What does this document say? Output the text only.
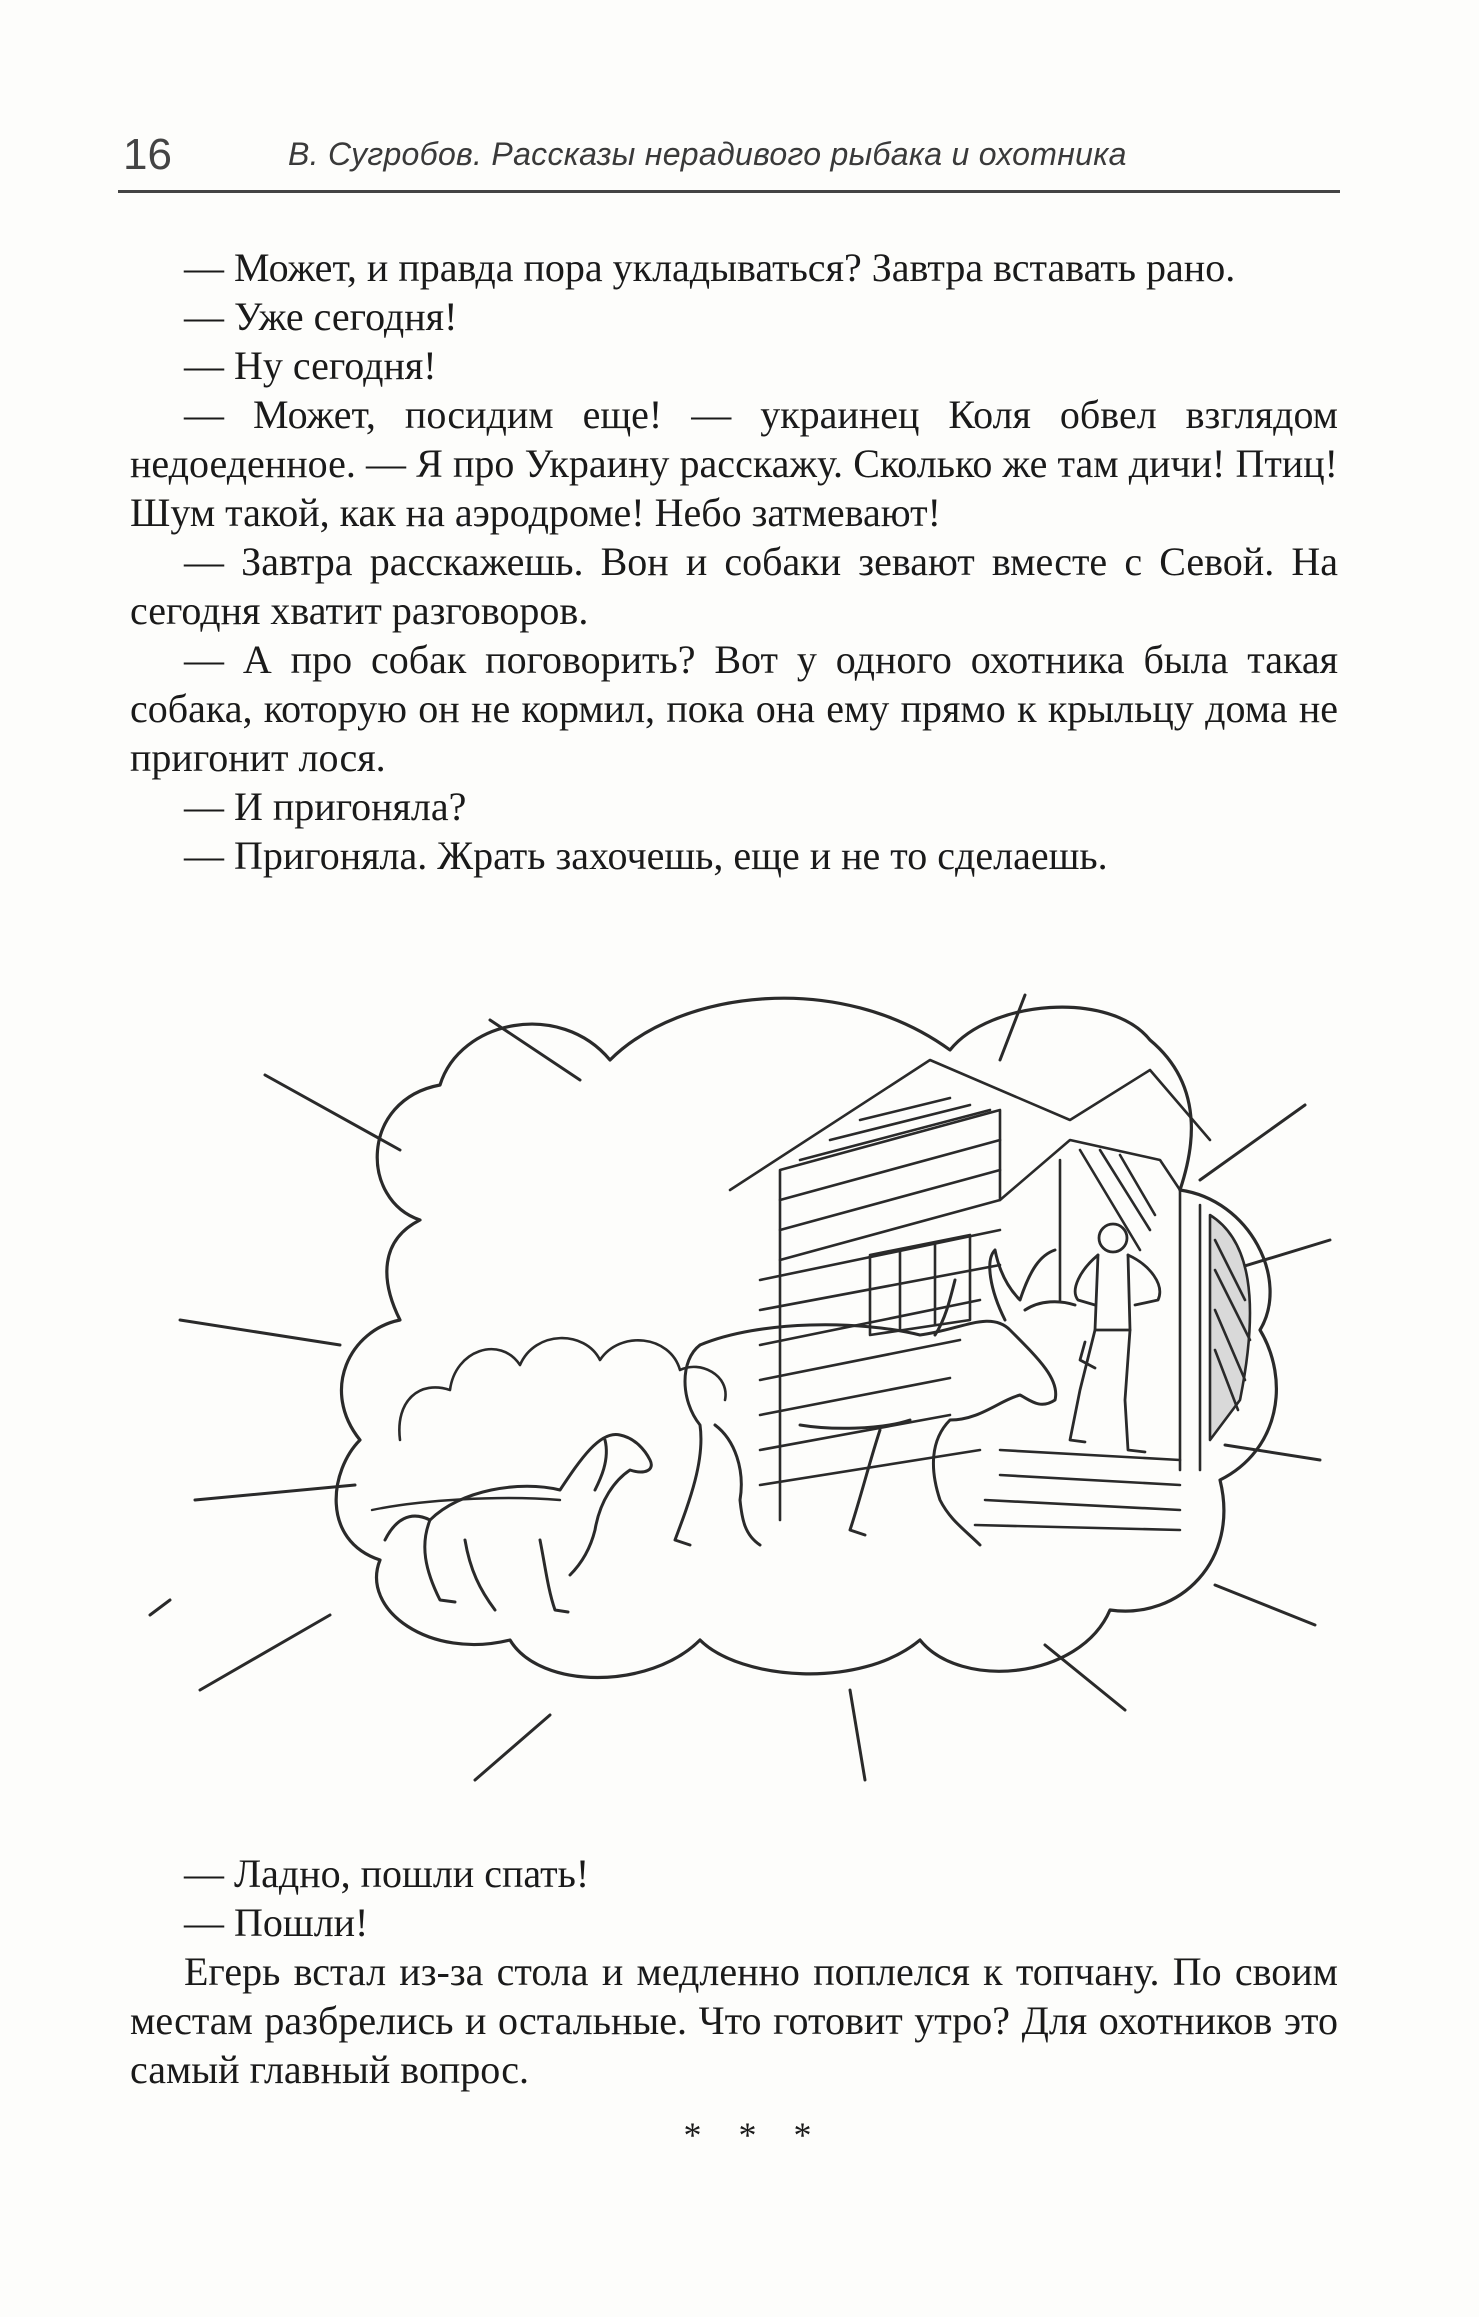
16	В. Сугробов. Рассказы нерадивого рыбака и охотника

— Может, и правда пора укладываться? Завтра вставать рано.

— Уже сегодня!

— Ну сегодня!

— Может, посидим еще! — украинец Коля обвел взглядом недоеденное. — Я про Украину расскажу. Сколько же там дичи! Птиц! Шум такой, как на аэродроме! Небо затмевают!

— Завтра расскажешь. Вон и собаки зевают вместе с Севой. На сегодня хватит разговоров.

— А про собак поговорить? Вот у одного охотника была такая собака, которую он не кормил, пока она ему прямо к крыльцу дома не пригонит лося.

— И пригоняла?

— Пригоняла. Жрать захочешь, еще и не то сделаешь.

— Ладно, пошли спать!

— Пошли!

Егерь встал из-за стола и медленно поплелся к топчану. По своим местам разбрелись и остальные. Что готовит утро? Для охотников это самый главный вопрос.

* * *
